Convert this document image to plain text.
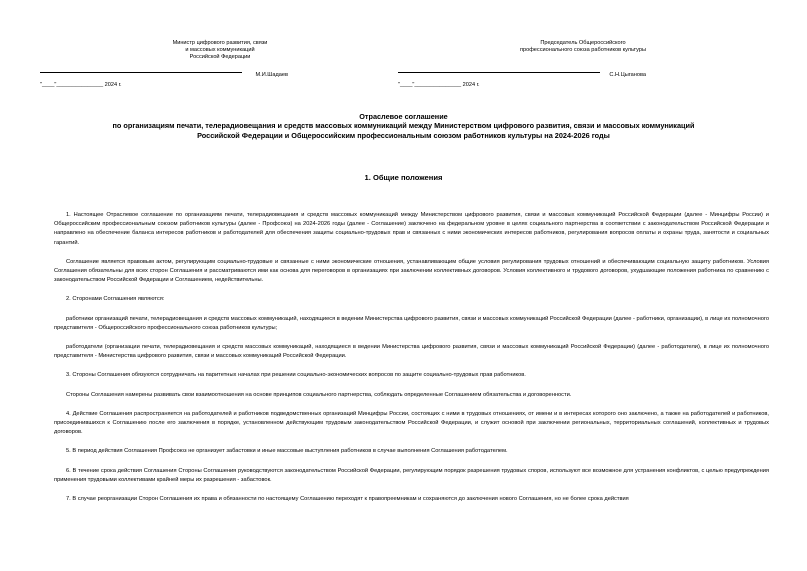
Министр цифрового развития, связи
и массовых коммуникаций
Российской Федерации
М.И.Шадаев
"____"_______________ 2024 г.
Председатель Общероссийского
профессионального союза работников культуры
С.Н.Цыганова
"____"_______________ 2024 г.
Отраслевое соглашение
по организациям печати, телерадиовещания и средств массовых коммуникаций между Министерством цифрового развития, связи и массовых коммуникаций
Российской Федерации и Общероссийским профессиональным союзом работников культуры на 2024-2026 годы
1. Общие положения

1. Настоящее Отраслевое соглашение по организациям печати, телерадиовещания и средств массовых коммуникаций между Министерством цифрового развития, связи и массовых коммуникаций Российской Федерации (далее - Минцифры России) и Общероссийским профессиональным союзом работников культуры (далее - Профсоюз) на 2024-2026 годы (далее - Соглашение) заключено на федеральном уровне в целях социального партнерства в соответствии с законодательством Российской Федерации и направлено на обеспечение баланса интересов работников и работодателей для обеспечения защиты социально-трудовых прав и связанных с ними экономических интересов работников, регулирования вопросов оплаты и охраны труда, занятости и социальных гарантий.

Соглашение является правовым актом, регулирующим социально-трудовые и связанные с ними экономические отношения, устанавливающим общие условия регулирования трудовых отношений и обеспечивающим социальную защиту работников. Условия Соглашения обязательны для всех сторон Соглашения и рассматриваются ими как основа для переговоров в организациях при заключении коллективных договоров. Условия коллективного и трудового договоров, ухудшающие положения работника по сравнению с законодательством Российской Федерации и Соглашением, недействительны.

2. Сторонами Соглашения являются:

работники организаций печати, телерадиовещания и средств массовых коммуникаций, находящиеся в ведении Министерства цифрового развития, связи и массовых коммуникаций Российской Федерации (далее - работники, организации), в лице их полномочного представителя - Общероссийского профессионального союза работников культуры;

работодатели (организации печати, телерадиовещания и средств массовых коммуникаций, находящиеся в ведении Министерства цифрового развития, связи и массовых коммуникаций Российской Федерации) (далее - работодатели), в лице их полномочного представителя - Министерства цифрового развития, связи и массовых коммуникаций Российской Федерации.

3. Стороны Соглашения обязуются сотрудничать на паритетных началах при решении социально-экономических вопросов по защите социально-трудовых прав работников.

Стороны Соглашения намерены развивать свои взаимоотношения на основе принципов социального партнерства, соблюдать определенные Соглашением обязательства и договоренности.

4. Действие Соглашения распространяется на работодателей и работников подведомственных организаций Минцифры России, состоящих с ними в трудовых отношениях, от имени и в интересах которого оно заключено, а также на работодателей и работников, присоединившихся к Соглашению после его заключения в порядке, установленном действующим трудовым законодательством Российской Федерации, и служит основой при заключении региональных, территориальных соглашений, коллективных и трудовых договоров.

5. В период действия Соглашения Профсоюз не организует забастовки и иные массовые выступления работников в случае выполнения Соглашения работодателем.

6. В течение срока действия Соглашения Стороны Соглашения руководствуются законодательством Российской Федерации, регулирующим порядок разрешения трудовых споров, используют все возможное для устранения конфликтов, с целью предупреждения применения трудовыми коллективами крайней меры их разрешения - забастовок.

7. В случае реорганизации Сторон Соглашения их права и обязанности по настоящему Соглашению переходят к правопреемникам и сохраняются до заключения нового Соглашения, но не более срока действия
